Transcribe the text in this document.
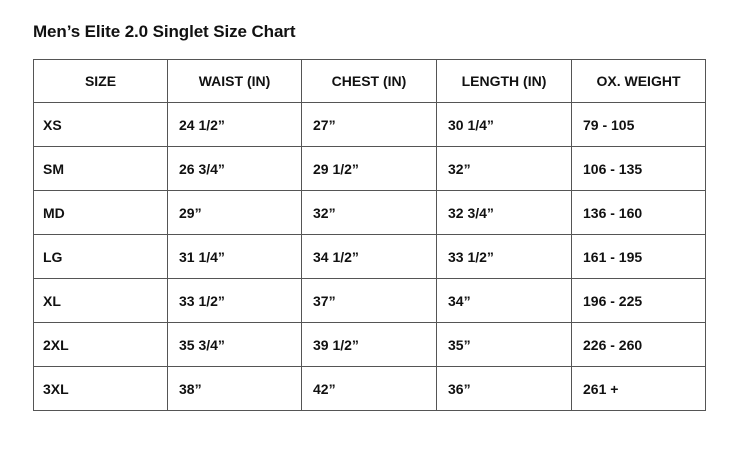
Men’s Elite 2.0 Singlet Size Chart
SIZE	WAIST (IN)	CHEST (IN)	LENGTH (IN)	OX. WEIGHT
XS	24 1/2”	27”	30 1/4”	79 - 105
SM	26 3/4”	29 1/2”	32”	106 - 135
MD	29”	32”	32 3/4”	136 - 160
LG	31 1/4”	34 1/2”	33 1/2”	161 - 195
XL	33 1/2”	37”	34”	196 - 225
2XL	35 3/4”	39 1/2”	35”	226 - 260
3XL	38”	42”	36”	261 +
